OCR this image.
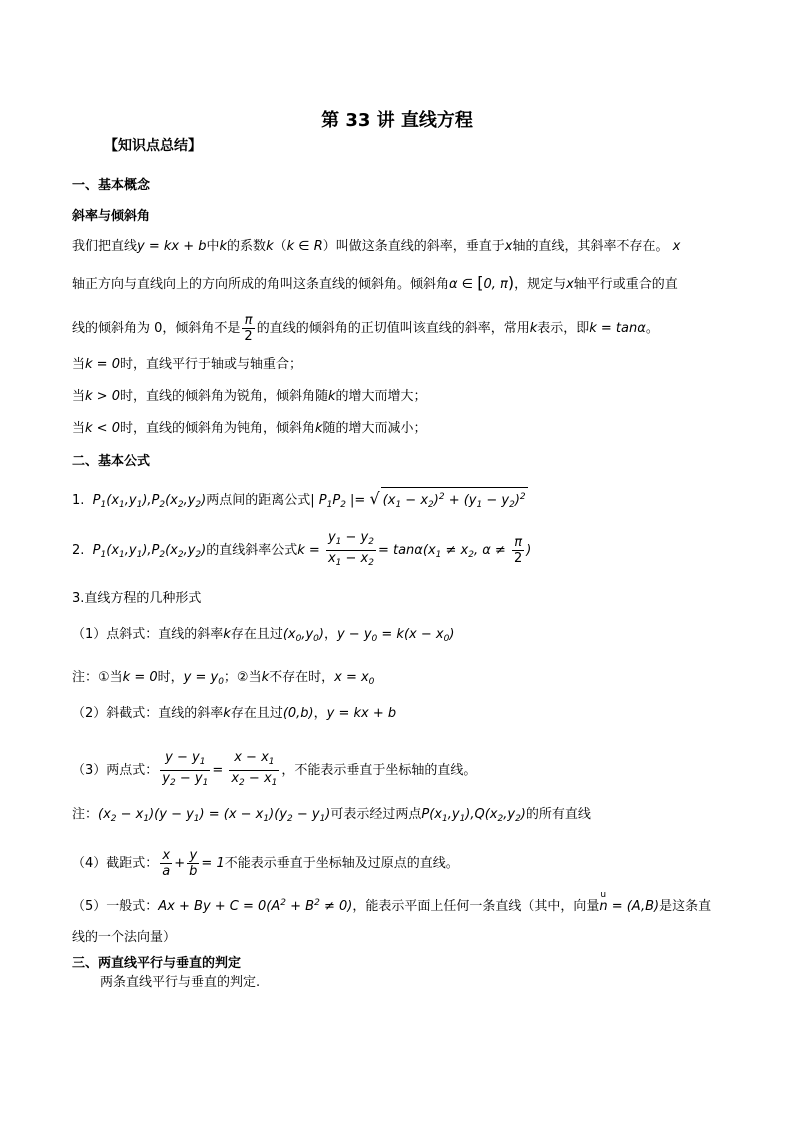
第 33 讲 直线方程
【知识点总结】
一、基本概念
斜率与倾斜角
我们把直线y = kx + b中k的系数k（k ∈ R）叫做这条直线的斜率，垂直于x轴的直线，其斜率不存在。 x
轴正方向与直线向上的方向所成的角叫这条直线的倾斜角。倾斜角α ∈ [0, π)，规定与x轴平行或重合的直
线的倾斜角为 0，倾斜角不是 $\frac{\pi}{2}$ 的直线的倾斜角的正切值叫该直线的斜率，常用k表示，即k = tanα。
当k = 0时，直线平行于轴或与轴重合；
当k > 0时，直线的倾斜角为锐角，倾斜角随k的增大而增大；
当k < 0时，直线的倾斜角为钝角，倾斜角k随的增大而减小；
二、基本公式
1. $P_1(x_1,y_1),P_2(x_2,y_2)$两点间的距离公式| $P_1P_2$ |= √ $(x_1 - x_2)^2 + (y_1 - y_2)^2$
2. $P_1(x_1,y_1),P_2(x_2,y_2)$的直线斜率公式$k = \frac{y_1 - y_2}{x_1 - x_2} = \tan\alpha(x_1 \ne x_2$, $\alpha \ne \frac{\pi}{2}$ )
3.直线方程的几种形式
（1）点斜式：直线的斜率k存在且过$(x_0,y_0)$，$y - y_0 = k(x - x_0)$
注：①当k = 0时，$y = y_0$；②当k不存在时，$x = x_0$
（2）斜截式：直线的斜率k存在且过(0,b)，y = kx + b
（3）两点式： $\frac{y - y_1}{y_2 - y_1} = \frac{x - x_1}{x_2 - x_1}$ ，不能表示垂直于坐标轴的直线。
注：$(x_2 - x_1)(y - y_1) = (x - x_1)(y_2 - y_1)$可表示经过两点$P(x_1,y_1),Q(x_2,y_2)$的所有直线
（4）截距式： $\frac{x}{a} + \frac{y}{b} = 1$不能表示垂直于坐标轴及过原点的直线。
（5）一般式：$Ax + By + C = 0(A^2 + B^2 \ne 0)$，能表示平面上任何一条直线（其中，向量
u
n = (A,B)是这条直
线的一个法向量）
三、两直线平行与垂直的判定
两条直线平行与垂直的判定.
